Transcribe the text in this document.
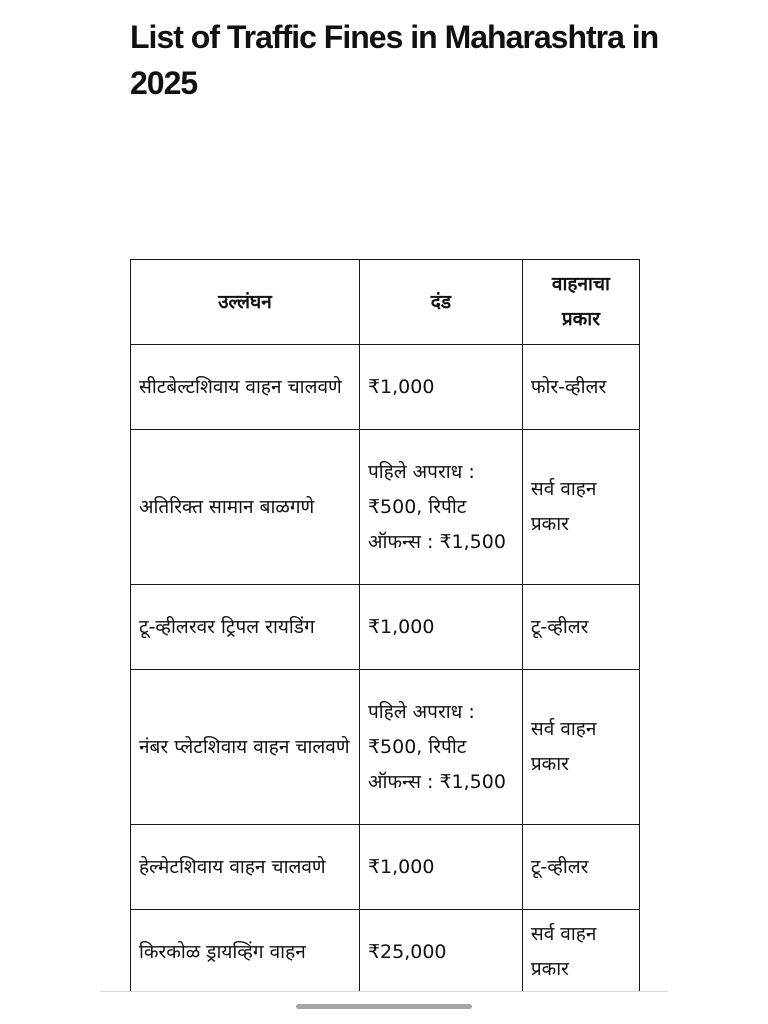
List of Traffic Fines in Maharashtra in 2025
उल्लंघन	दंड	वाहनाचा प्रकार
सीटबेल्टशिवाय वाहन चालवणे	₹1,000	फोर-व्हीलर
अतिरिक्त सामान बाळगणे	पहिले अपराध : ₹500, रिपीट ऑफन्स : ₹1,500	सर्व वाहन प्रकार
टू-व्हीलरवर ट्रिपल रायडिंग	₹1,000	टू-व्हीलर
नंबर प्लेटशिवाय वाहन चालवणे	पहिले अपराध : ₹500, रिपीट ऑफन्स : ₹1,500	सर्व वाहन प्रकार
हेल्मेटशिवाय वाहन चालवणे	₹1,000	टू-व्हीलर
किरकोळ ड्रायव्हिंग वाहन	₹25,000	सर्व वाहन प्रकार
